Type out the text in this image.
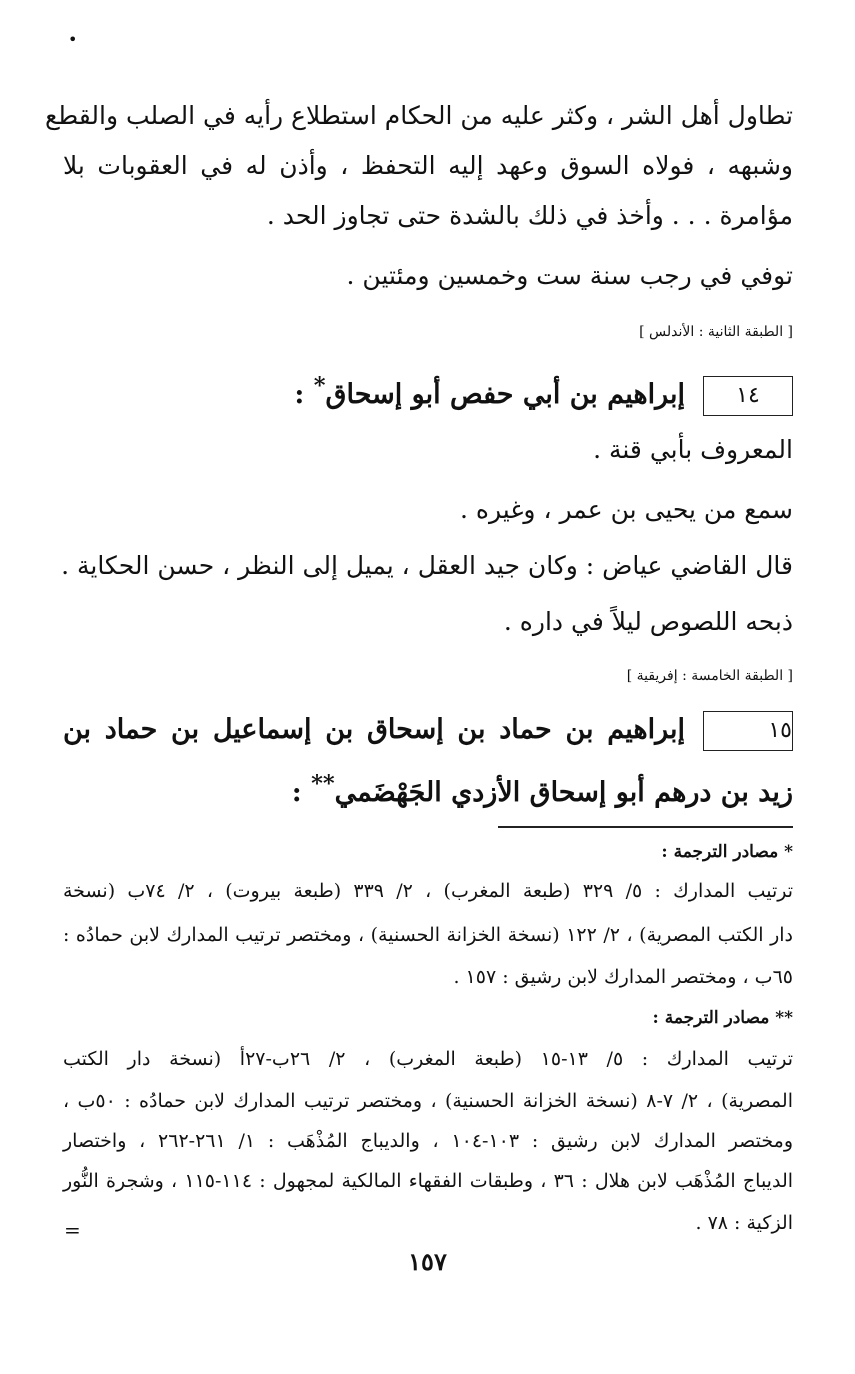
•
تطاول أهل الشر ، وكثر عليه من الحكام استطلاع رأيه في الصلب والقطع
وشبهه ، فولاه السوق وعهد إليه التحفظ ، وأذن له في العقوبات بلا
مؤامرة . . . وأخذ في ذلك بالشدة حتى تجاوز الحد .
توفي في رجب سنة ست وخمسين ومئتين .
[ الطبقة الثانية : الأندلس ]
١٤إبراهيم بن أبي حفص أبو إسحاق* :
المعروف بأبي قنة .
سمع من يحيى بن عمر ، وغيره .
قال القاضي عياض : وكان جيد العقل ، يميل إلى النظر ، حسن الحكاية .
ذبحه اللصوص ليلاً في داره .
[ الطبقة الخامسة : إفريقية ]
١٥إبراهيم بن حماد بن إسحاق بن إسماعيل بن حماد بن
زيد بن درهم أبو إسحاق الأزدي الجَهْضَمي** :
* مصادر الترجمة :
ترتيب المدارك : ٥/ ٣٢٩ (طبعة المغرب) ، ٢/ ٣٣٩ (طبعة بيروت) ، ٢/ ٧٤ب (نسخة
دار الكتب المصرية) ، ٢/ ١٢٢ (نسخة الخزانة الحسنية) ، ومختصر ترتيب المدارك لابن حمادُه :
٦٥ب ، ومختصر المدارك لابن رشيق : ١٥٧ .
** مصادر الترجمة :
ترتيب المدارك : ٥/ ١٣-١٥ (طبعة المغرب) ، ٢/ ٢٦ب-٢٧أ (نسخة دار الكتب
المصرية) ، ٢/ ٧-٨ (نسخة الخزانة الحسنية) ، ومختصر ترتيب المدارك لابن حمادُه : ٥٠ب ،
ومختصر المدارك لابن رشيق : ١٠٣-١٠٤ ، والديباج المُذْهَب : ١/ ٢٦١-٢٦٢ ، واختصار
الديباج المُذْهَب لابن هلال : ٣٦ ، وطبقات الفقهاء المالكية لمجهول : ١١٤-١١٥ ، وشجرة النُّور
الزكية : ٧٨ .
=
١٥٧
